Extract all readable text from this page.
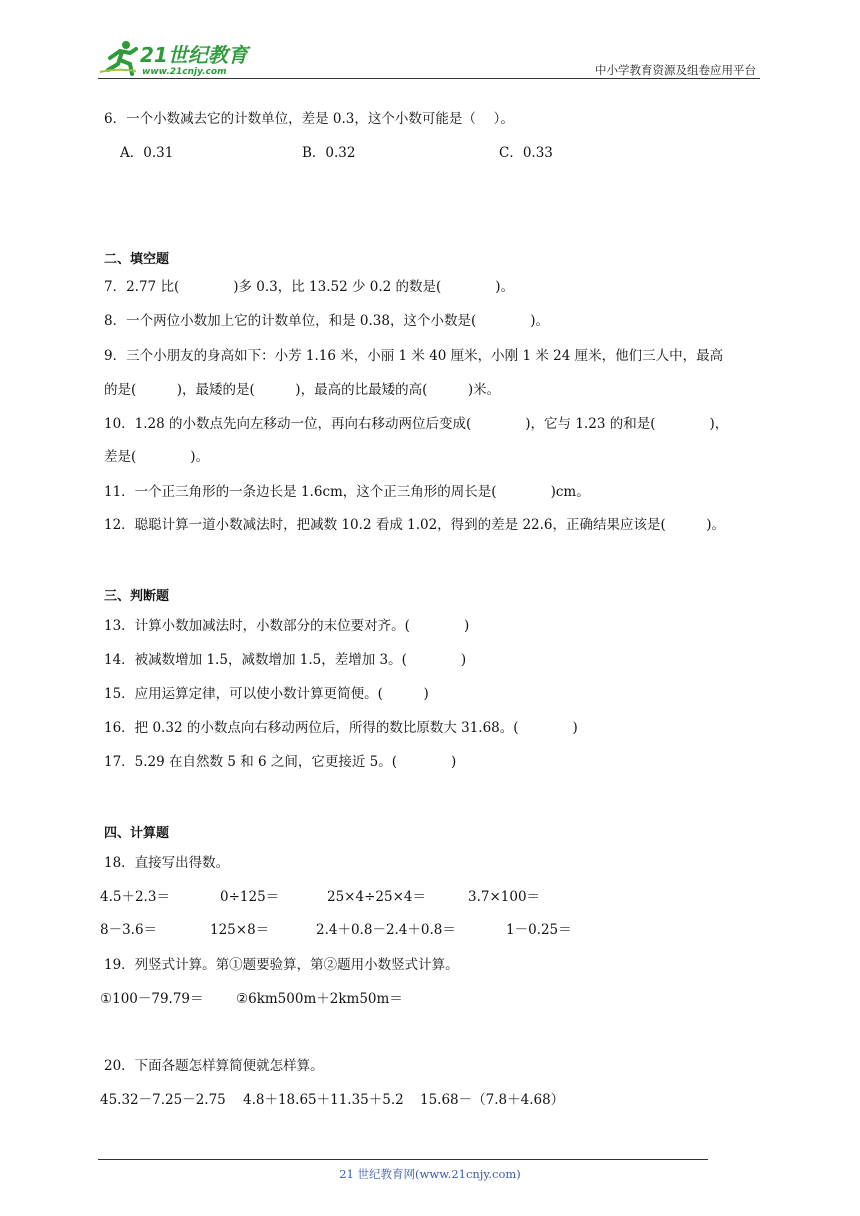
21世纪教育
www.21cnjy.com	中小学教育资源及组卷应用平台
6．一个小数减去它的计数单位，差是 0.3，这个小数可能是（　 ）。
A．0.31	B．0.32	C．0.33
二、填空题
7．2.77 比(　　　　)多 0.3，比 13.52 少 0.2 的数是(　　　　)。
8．一个两位小数加上它的计数单位，和是 0.38，这个小数是(　　　　)。
9．三个小朋友的身高如下：小芳 1.16 米，小丽 1 米 40 厘米，小刚 1 米 24 厘米，他们三人中，最高
的是(　　　)，最矮的是(　　　)，最高的比最矮的高(　　　)米。
10．1.28 的小数点先向左移动一位，再向右移动两位后变成(　　　　)，它与 1.23 的和是(　　　　)，
差是(　　　　)。
11．一个正三角形的一条边长是 1.6cm，这个正三角形的周长是(　　　　)cm。
12．聪聪计算一道小数减法时，把减数 10.2 看成 1.02，得到的差是 22.6，正确结果应该是(　　　)。
三、判断题
13．计算小数加减法时，小数部分的末位要对齐。(　　　　)
14．被减数增加 1.5，减数增加 1.5，差增加 3。(　　　　)
15．应用运算定律，可以使小数计算更简便。(　　　)
16．把 0.32 的小数点向右移动两位后，所得的数比原数大 31.68。(　　　　)
17．5.29 在自然数 5 和 6 之间，它更接近 5。(　　　　)
四、计算题
18．直接写出得数。
4.5＋2.3＝	0÷125＝	25×4÷25×4＝	3.7×100＝
8－3.6＝	125×8＝	2.4＋0.8－2.4＋0.8＝	1－0.25＝
19．列竖式计算。第①题要验算，第②题用小数竖式计算。
①100－79.79＝ ②6km500m＋2km50m＝
20．下面各题怎样算简便就怎样算。
45.32－7.25－2.75 4.8＋18.65＋11.35＋5.2 15.68－（7.8＋4.68）
21 世纪教育网(www.21cnjy.com)
